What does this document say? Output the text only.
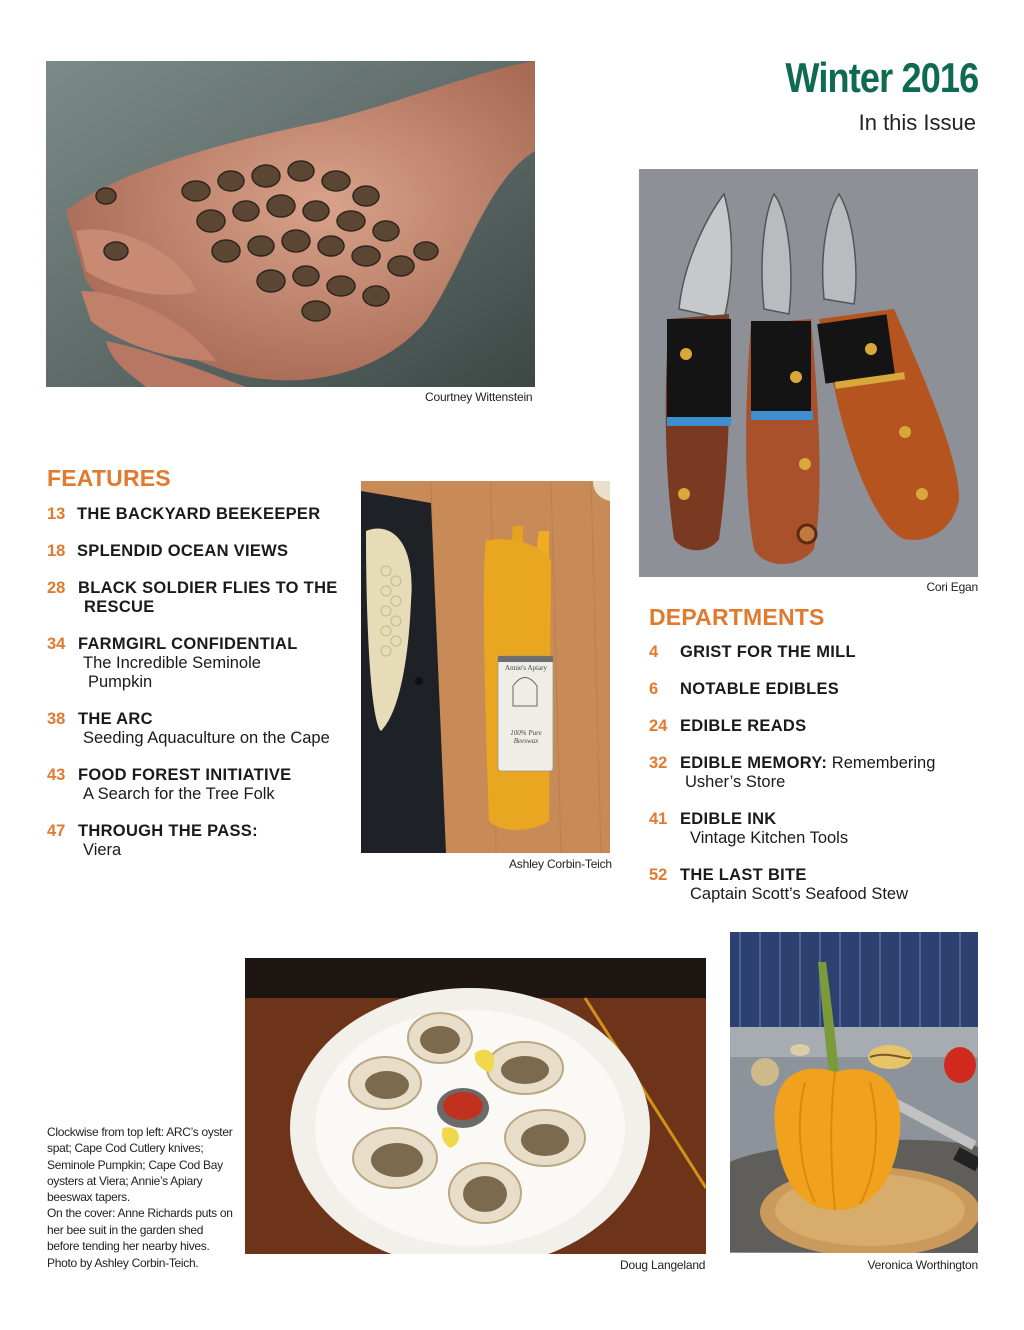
Winter 2016
In this Issue
Courtney Wittenstein
Cori Egan
Annie's Apiary
100% Pure Beeswax
Ashley Corbin-Teich
Doug Langeland	Veronica Worthington
FEATURES
13 THE BACKYARD BEEKEEPER
18 SPLENDID OCEAN VIEWS
28 BLACK SOLDIER FLIES TO THE
RESCUE
34 FARMGIRL CONFIDENTIAL
The Incredible Seminole
Pumpkin
38 THE ARC
Seeding Aquaculture on the Cape
43 FOOD FOREST INITIATIVE
A Search for the Tree Folk
47 THROUGH THE PASS:
Viera
DEPARTMENTS
4 GRIST FOR THE MILL
6 NOTABLE EDIBLES
24 EDIBLE READS
32 EDIBLE MEMORY: Remembering
Usher’s Store
41 EDIBLE INK
Vintage Kitchen Tools
52 THE LAST BITE
Captain Scott’s Seafood Stew

Clockwise from top left: ARC’s oyster spat; Cape Cod Cutlery knives; Seminole Pumpkin; Cape Cod Bay oysters at Viera; Annie’s Apiary beeswax tapers.

On the cover: Anne Richards puts on her bee suit in the garden shed before tending her nearby hives.

Photo by Ashley Corbin-Teich.
